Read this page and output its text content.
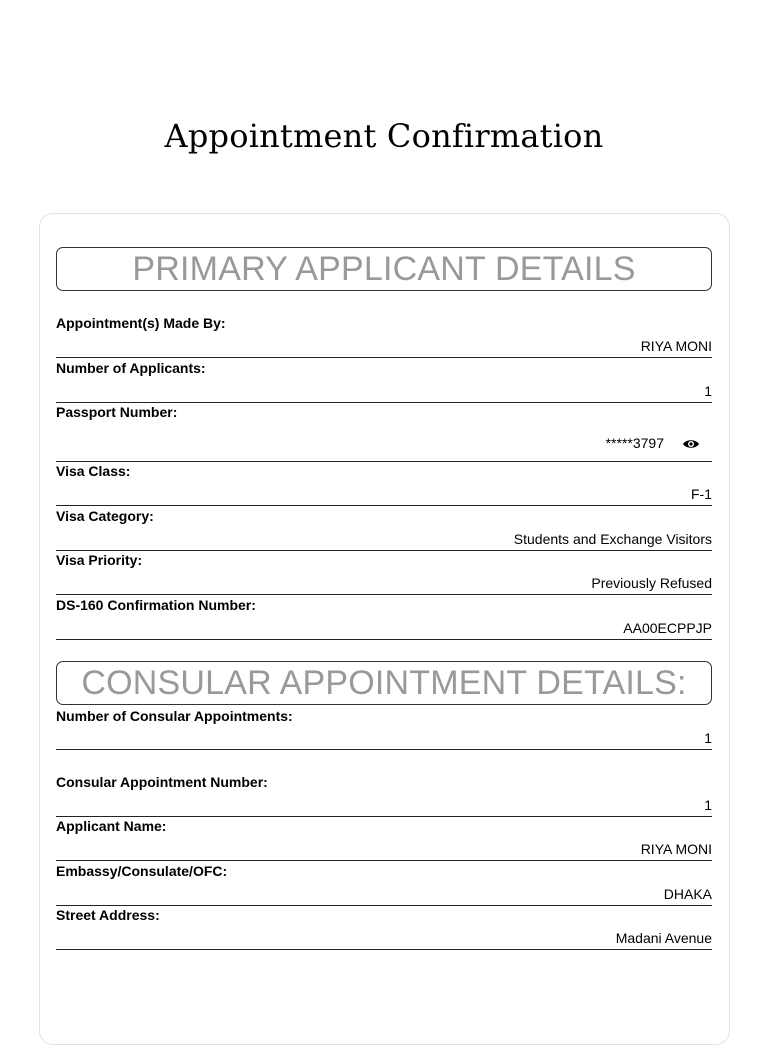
Appointment Confirmation
PRIMARY APPLICANT DETAILS
Appointment(s) Made By:
RIYA MONI
Number of Applicants:
1
Passport Number:
*****3797
Visa Class:
F-1
Visa Category:
Students and Exchange Visitors
Visa Priority:
Previously Refused
DS-160 Confirmation Number:
AA00ECPPJP
CONSULAR APPOINTMENT DETAILS:
Number of Consular Appointments:
1
Consular Appointment Number:
1
Applicant Name:
RIYA MONI
Embassy/Consulate/OFC:
DHAKA
Street Address:
Madani Avenue
